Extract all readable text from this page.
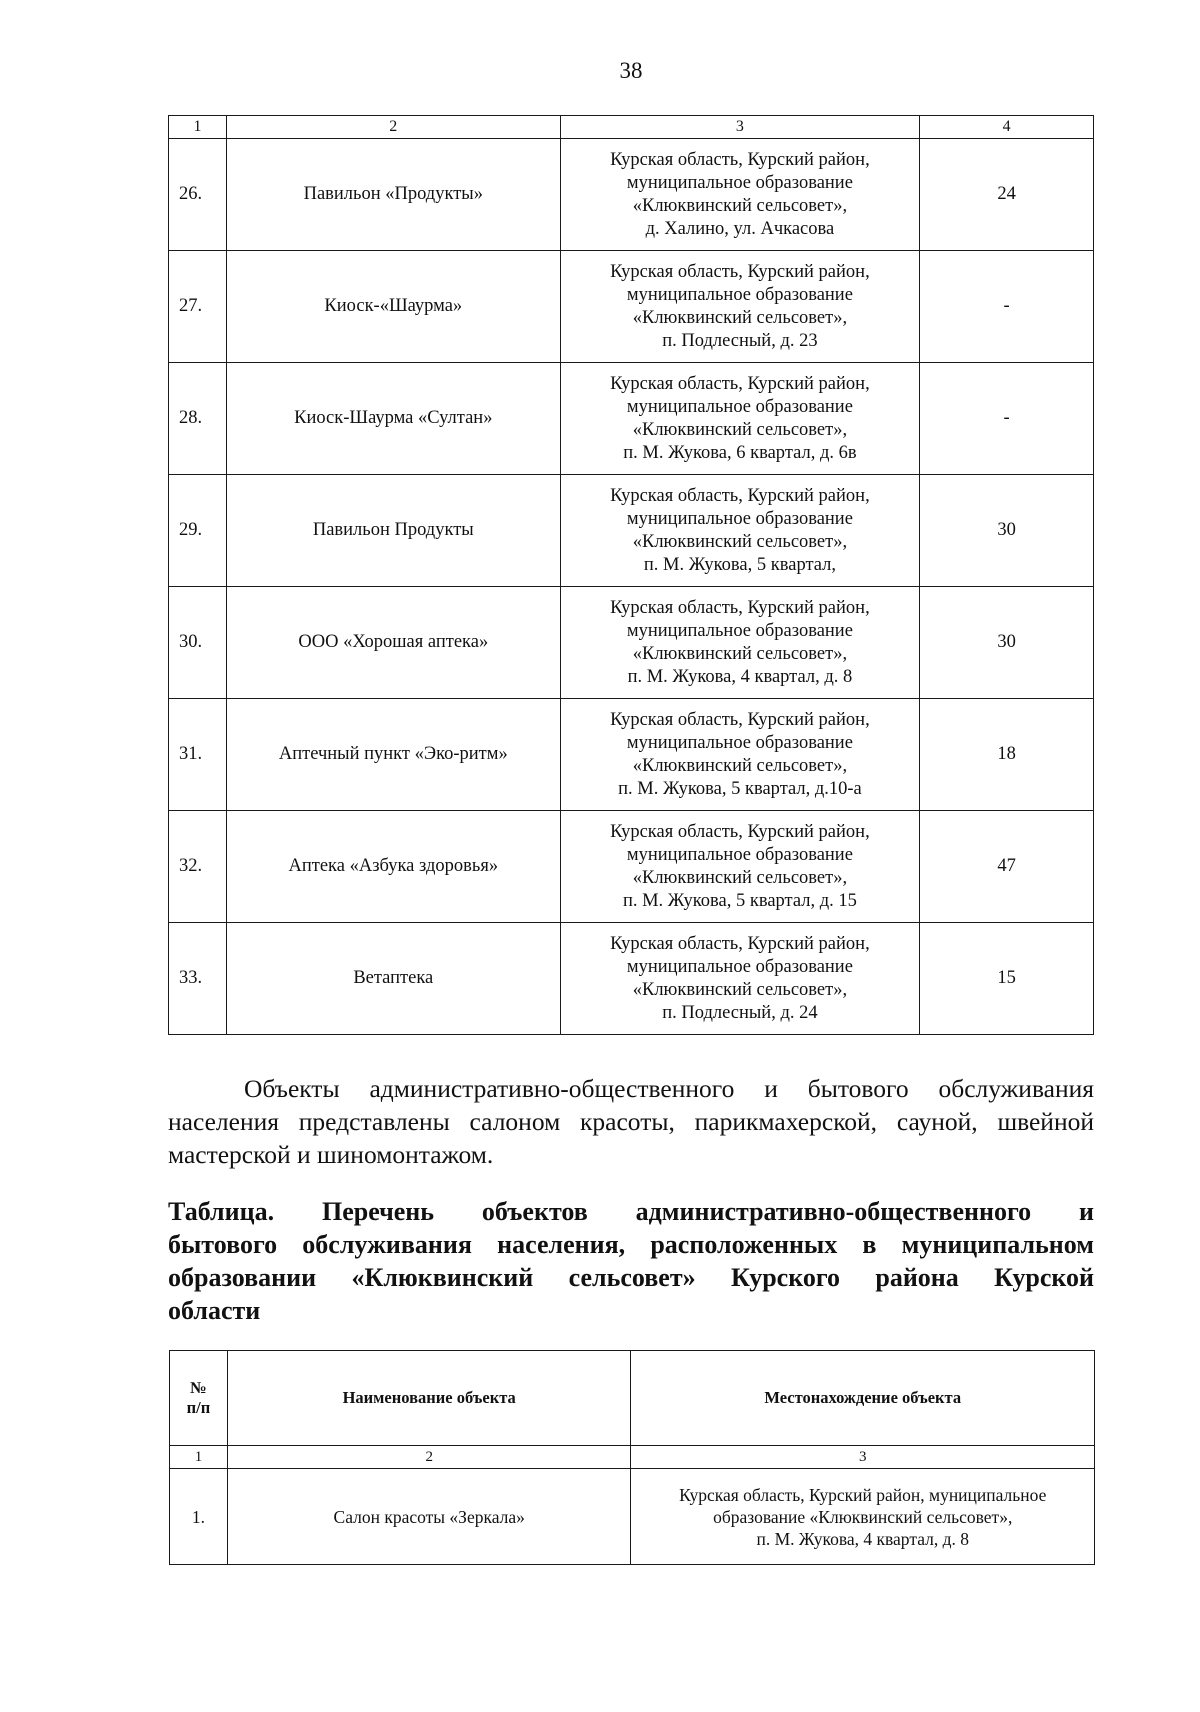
38
1	2	3	4
26.	Павильон «Продукты»	Курская область, Курский район,
муниципальное образование
«Клюквинский сельсовет»,
д. Халино, ул. Ачкасова	24
27.	Киоск-«Шаурма»	Курская область, Курский район,
муниципальное образование
«Клюквинский сельсовет»,
п. Подлесный, д. 23	-
28.	Киоск-Шаурма «Султан»	Курская область, Курский район,
муниципальное образование
«Клюквинский сельсовет»,
п. М. Жукова, 6 квартал, д. 6в	-
29.	Павильон Продукты	Курская область, Курский район,
муниципальное образование
«Клюквинский сельсовет»,
п. М. Жукова, 5 квартал,	30
30.	ООО «Хорошая аптека»	Курская область, Курский район,
муниципальное образование
«Клюквинский сельсовет»,
п. М. Жукова, 4 квартал, д. 8	30
31.	Аптечный пункт «Эко-ритм»	Курская область, Курский район,
муниципальное образование
«Клюквинский сельсовет»,
п. М. Жукова, 5 квартал, д.10-а	18
32.	Аптека «Азбука здоровья»	Курская область, Курский район,
муниципальное образование
«Клюквинский сельсовет»,
п. М. Жукова, 5 квартал, д. 15	47
33.	Ветаптека	Курская область, Курский район,
муниципальное образование
«Клюквинский сельсовет»,
п. Подлесный, д. 24	15
Объекты административно-общественного и бытового обслуживания населения представлены салоном красоты, парикмахерской, сауной, швейной мастерской и шиномонтажом.
Таблица. Перечень объектов административно-общественного и
бытового обслуживания населения, расположенных в муниципальном
образовании «Клюквинский сельсовет» Курского района Курской
области
№
п/п	Наименование объекта	Местонахождение объекта
1	2	3
1.	Салон красоты «Зеркала»	Курская область, Курский район, муниципальное
образование «Клюквинский сельсовет»,
п. М. Жукова, 4 квартал, д. 8
